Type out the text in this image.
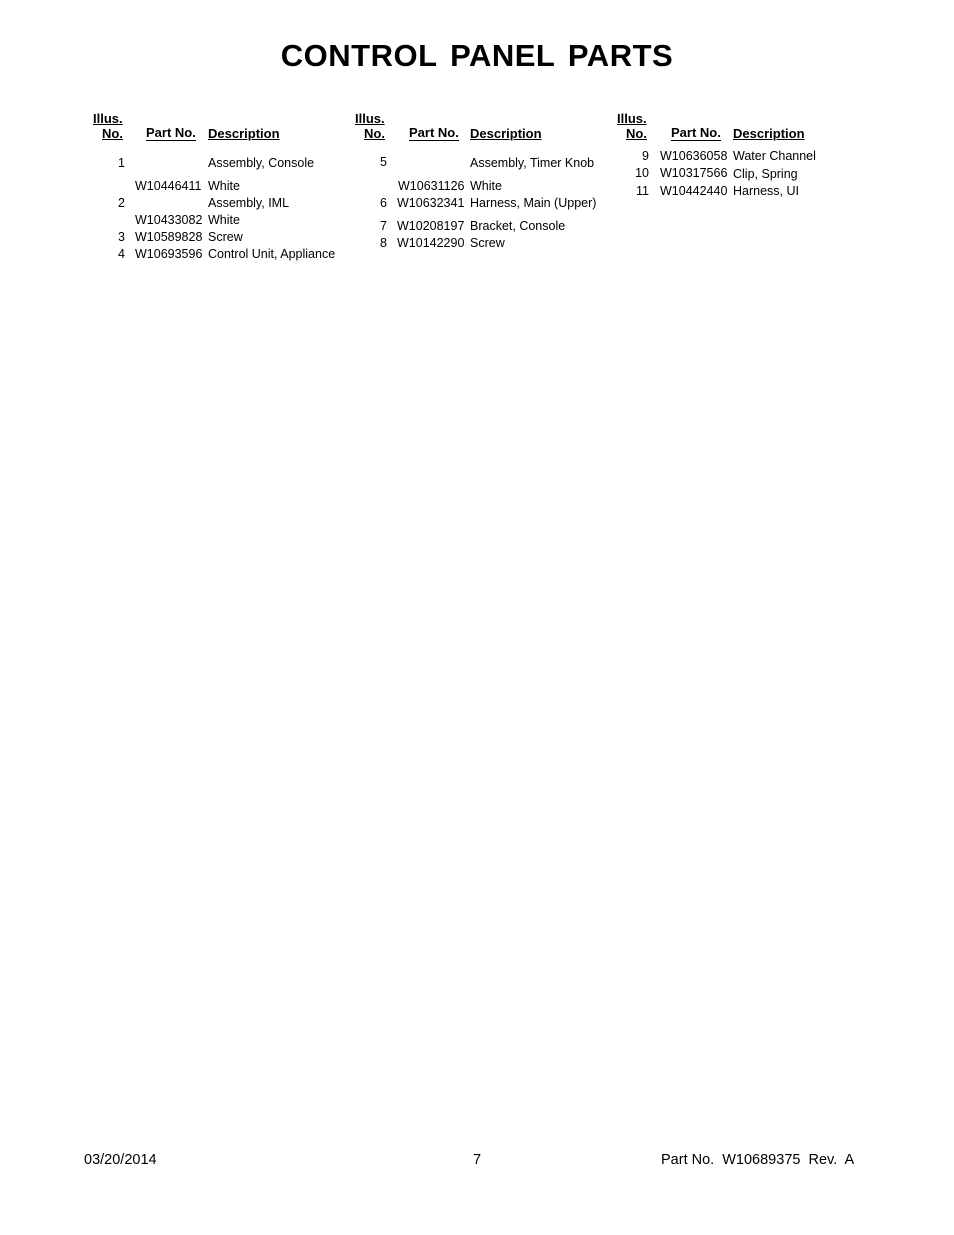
CONTROL PANEL PARTS
Illus.
No. Part No. Description
1	Assembly, Console
W10446411 White
2	Assembly, IML
W10433082 White
3 W10589828 Screw
4 W10693596 Control Unit, Appliance
Illus.
No. Part No. Description
5	Assembly, Timer Knob
W10631126 White
6 W10632341 Harness, Main (Upper)
7 W10208197 Bracket, Console
8 W10142290 Screw
Illus.
No. Part No. Description
9 W10636058 Water Channel
10 W10317566 Clip, Spring
11 W10442440 Harness, UI
03/20/2014	7	Part No.  W10689375  Rev.  A
